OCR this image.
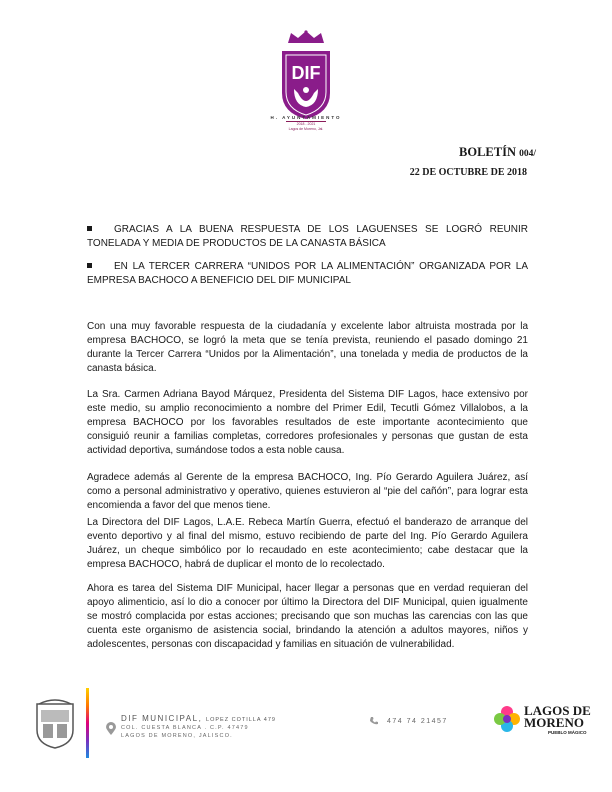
DIF
H. AYUNTAMIENTO
2018 - 2021
Lagos de Moreno, Jal.
BOLETÍN 004/
22 DE OCTUBRE DE 2018
GRACIAS A LA BUENA RESPUESTA DE LOS LAGUENSES SE LOGRÓ REUNIR TONELADA Y MEDIA DE PRODUCTOS DE LA CANASTA BÁSICA
EN LA TERCER CARRERA “UNIDOS POR LA ALIMENTACIÓN” ORGANIZADA POR LA EMPRESA BACHOCO A BENEFICIO DEL DIF MUNICIPAL
Con una muy favorable respuesta de la ciudadanía y excelente labor altruista mostrada por la empresa BACHOCO, se logró la meta que se tenía prevista, reuniendo el pasado domingo 21 durante la Tercer Carrera “Unidos por la Alimentación”, una tonelada y media de productos de la canasta básica.
La Sra. Carmen Adriana Bayod Márquez, Presidenta del Sistema DIF Lagos, hace extensivo por este medio, su amplio reconocimiento a nombre del Primer Edil, Tecutli Gómez Villalobos, a la empresa BACHOCO por los favorables resultados de este importante acontecimiento que consiguió reunir a familias completas, corredores profesionales y personas que gustan de esta actividad deportiva, sumándose todos a esta noble causa.
Agradece además al Gerente de la empresa BACHOCO, Ing. Pío Gerardo Aguilera Juárez, así como a personal administrativo y operativo, quienes estuvieron al “pie del cañón”, para lograr esta encomienda a favor del que menos tiene.
La Directora del DIF Lagos, L.A.E. Rebeca Martín Guerra, efectuó el banderazo de arranque del evento deportivo y al final del mismo, estuvo recibiendo de parte del Ing. Pío Gerardo Aguilera Juárez, un cheque simbólico por lo recaudado en este acontecimiento; cabe destacar que la empresa BACHOCO, habrá de duplicar el monto de lo recolectado.
Ahora es tarea del Sistema DIF Municipal, hacer llegar a personas que en verdad requieran del apoyo alimenticio, así lo dio a conocer por último la Directora del DIF Municipal, quien igualmente se mostró complacida por estas acciones; precisando que son muchas las carencias con las que cuenta este organismo de asistencia social, brindando la atención a adultos mayores, niños y adolescentes, personas con discapacidad y familias en situación de vulnerabilidad.
DIF MUNICIPAL, LOPEZ COTILLA 479
COL. CUESTA BLANCA . C.P. 47479
LAGOS DE MORENO, JALISCO.
474 74 21457
LAGOS DE
MORENO
PUEBLO MÁGICO
